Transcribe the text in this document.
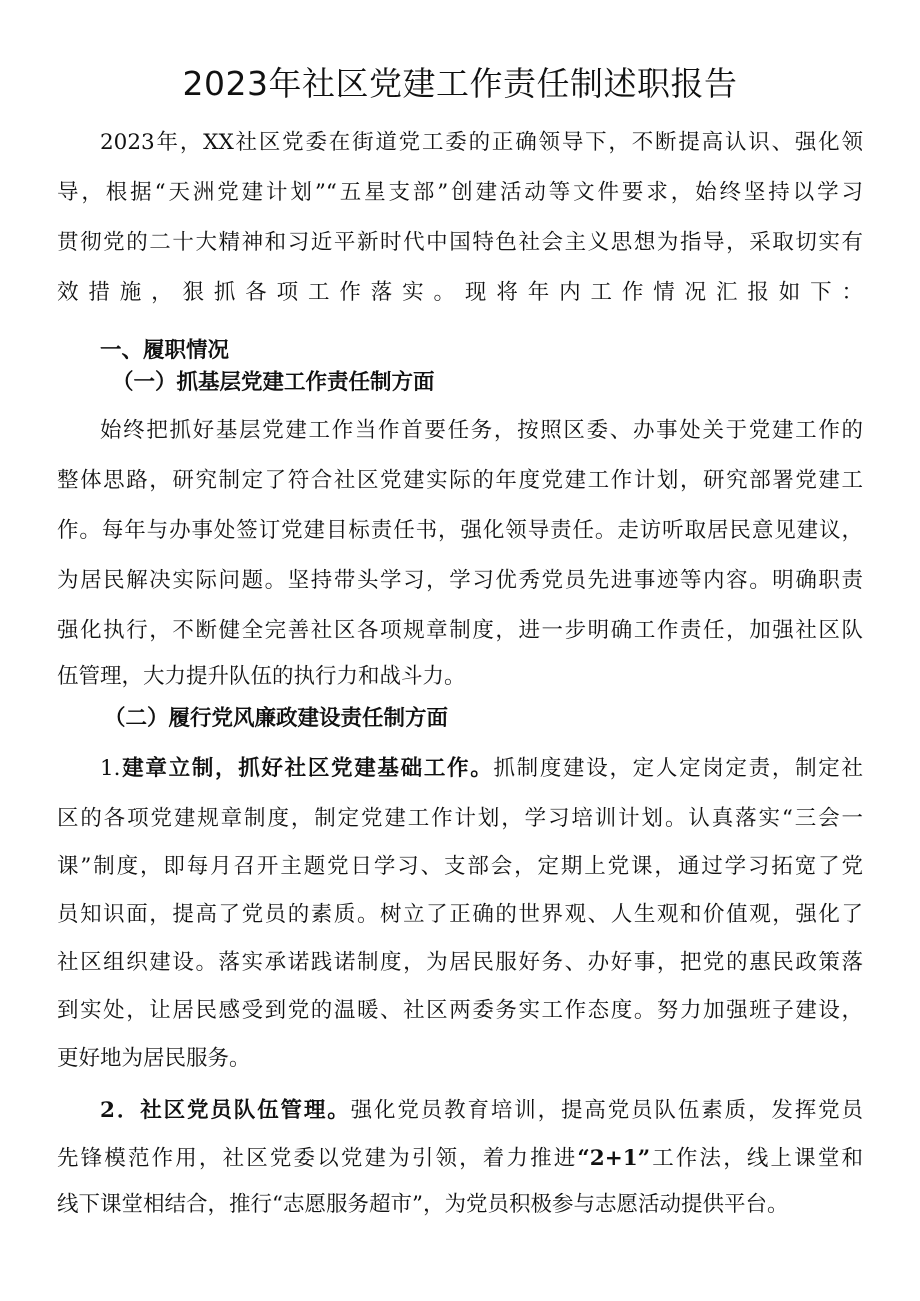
2023年社区党建工作责任制述职报告
2023年，XX社区党委在街道党工委的正确领导下，不断提高认识、强化领
导，根据“天洲党建计划”“五星支部”创建活动等文件要求，始终坚持以学习
贯彻党的二十大精神和习近平新时代中国特色社会主义思想为指导，采取切实有
效措施，狠抓各项工作落实。现将年内工作情况汇报如下：
一、履职情况
（一）抓基层党建工作责任制方面
始终把抓好基层党建工作当作首要任务，按照区委、办事处关于党建工作的
整体思路，研究制定了符合社区党建实际的年度党建工作计划，研究部署党建工
作。每年与办事处签订党建目标责任书，强化领导责任。走访听取居民意见建议，
为居民解决实际问题。坚持带头学习，学习优秀党员先进事迹等内容。明确职责
强化执行，不断健全完善社区各项规章制度，进一步明确工作责任，加强社区队
伍管理，大力提升队伍的执行力和战斗力。
（二）履行党风廉政建设责任制方面
1.建章立制，抓好社区党建基础工作。抓制度建设，定人定岗定责，制定社
区的各项党建规章制度，制定党建工作计划，学习培训计划。认真落实“三会一
课”制度，即每月召开主题党日学习、支部会，定期上党课，通过学习拓宽了党
员知识面，提高了党员的素质。树立了正确的世界观、人生观和价值观，强化了
社区组织建设。落实承诺践诺制度，为居民服好务、办好事，把党的惠民政策落
到实处，让居民感受到党的温暖、社区两委务实工作态度。努力加强班子建设，
更好地为居民服务。
2．社区党员队伍管理。强化党员教育培训，提高党员队伍素质，发挥党员
先锋模范作用，社区党委以党建为引领，着力推进“2+1”工作法，线上课堂和
线下课堂相结合，推行“志愿服务超市”，为党员积极参与志愿活动提供平台。
